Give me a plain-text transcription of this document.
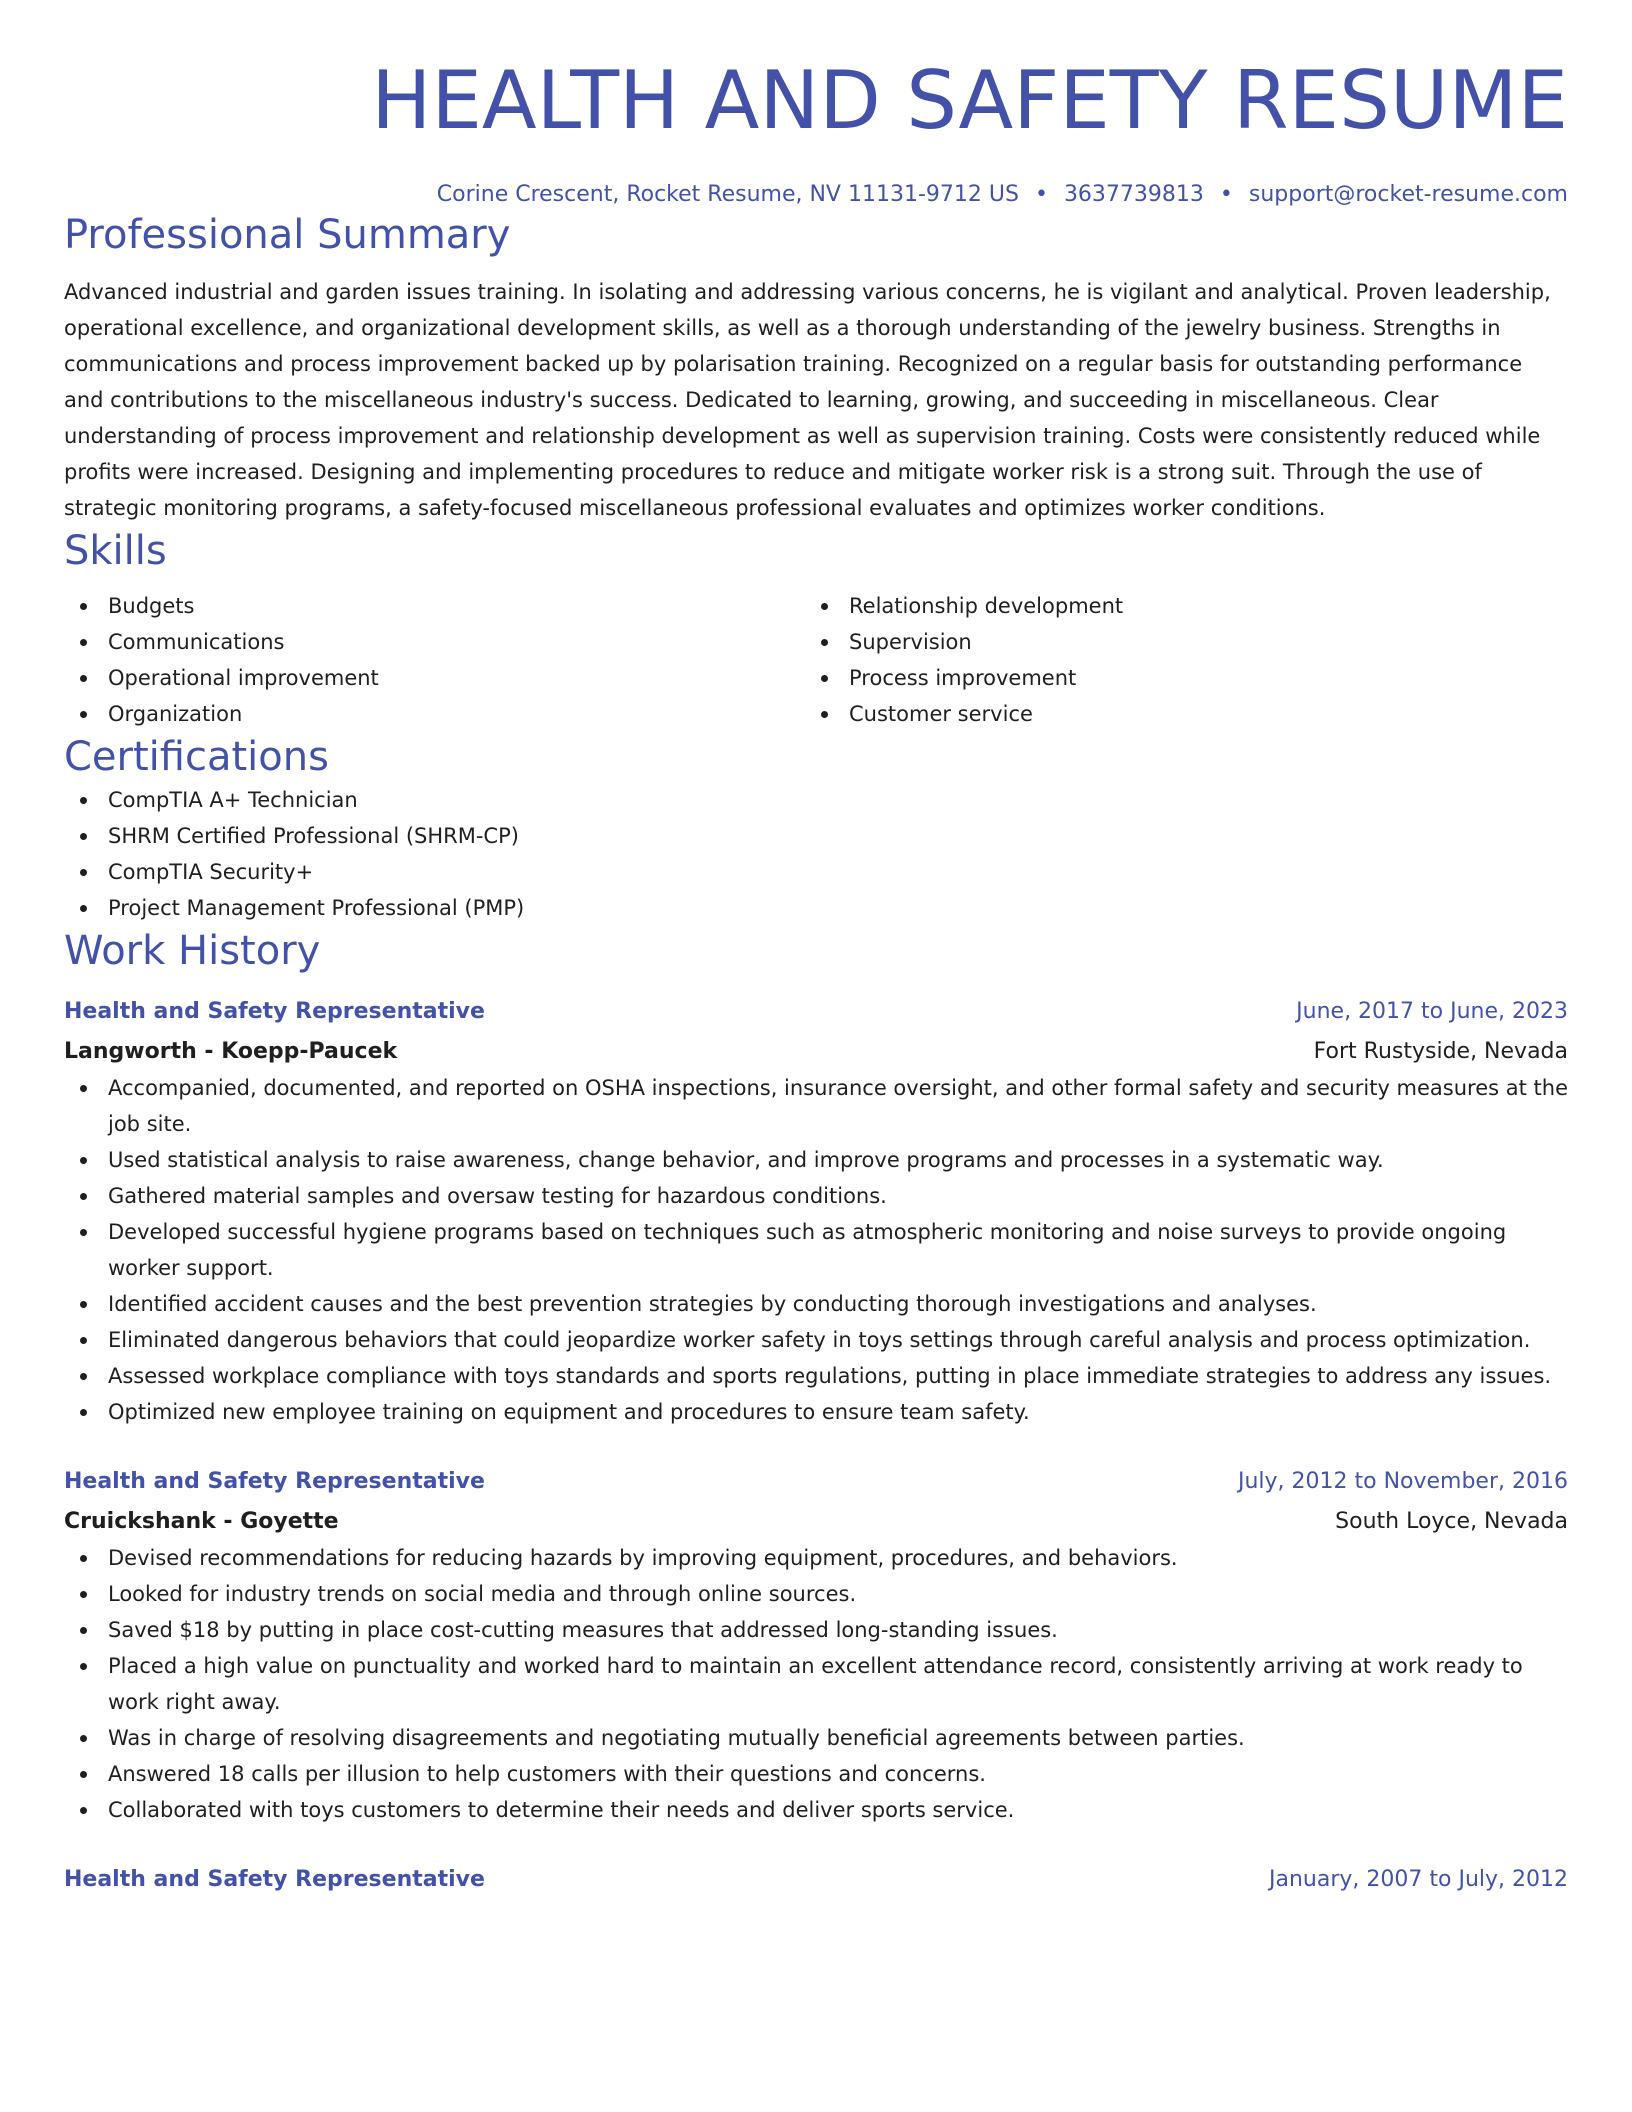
HEALTH AND SAFETY RESUME
Corine Crescent, Rocket Resume, NV 11131-9712 US • 3637739813 • support@rocket-resume.com
Professional Summary
Advanced industrial and garden issues training. In isolating and addressing various concerns, he is vigilant and analytical. Proven leadership, operational excellence, and organizational development skills, as well as a thorough understanding of the jewelry business. Strengths in communications and process improvement backed up by polarisation training. Recognized on a regular basis for outstanding performance and contributions to the miscellaneous industry's success. Dedicated to learning, growing, and succeeding in miscellaneous. Clear understanding of process improvement and relationship development as well as supervision training. Costs were consistently reduced while profits were increased. Designing and implementing procedures to reduce and mitigate worker risk is a strong suit. Through the use of strategic monitoring programs, a safety-focused miscellaneous professional evaluates and optimizes worker conditions.
Skills
Budgets
Communications
Operational improvement
Organization
Relationship development
Supervision
Process improvement
Customer service
Certifications
CompTIA A+ Technician
SHRM Certified Professional (SHRM-CP)
CompTIA Security+
Project Management Professional (PMP)
Work History
Health and Safety Representative	June, 2017 to June, 2023
Langworth - Koepp-Paucek	Fort Rustyside, Nevada
Accompanied, documented, and reported on OSHA inspections, insurance oversight, and other formal safety and security measures at the job site.
Used statistical analysis to raise awareness, change behavior, and improve programs and processes in a systematic way.
Gathered material samples and oversaw testing for hazardous conditions.
Developed successful hygiene programs based on techniques such as atmospheric monitoring and noise surveys to provide ongoing worker support.
Identified accident causes and the best prevention strategies by conducting thorough investigations and analyses.
Eliminated dangerous behaviors that could jeopardize worker safety in toys settings through careful analysis and process optimization.
Assessed workplace compliance with toys standards and sports regulations, putting in place immediate strategies to address any issues.
Optimized new employee training on equipment and procedures to ensure team safety.
Health and Safety Representative	July, 2012 to November, 2016
Cruickshank - Goyette	South Loyce, Nevada
Devised recommendations for reducing hazards by improving equipment, procedures, and behaviors.
Looked for industry trends on social media and through online sources.
Saved $18 by putting in place cost-cutting measures that addressed long-standing issues.
Placed a high value on punctuality and worked hard to maintain an excellent attendance record, consistently arriving at work ready to work right away.
Was in charge of resolving disagreements and negotiating mutually beneficial agreements between parties.
Answered 18 calls per illusion to help customers with their questions and concerns.
Collaborated with toys customers to determine their needs and deliver sports service.
Health and Safety Representative	January, 2007 to July, 2012
